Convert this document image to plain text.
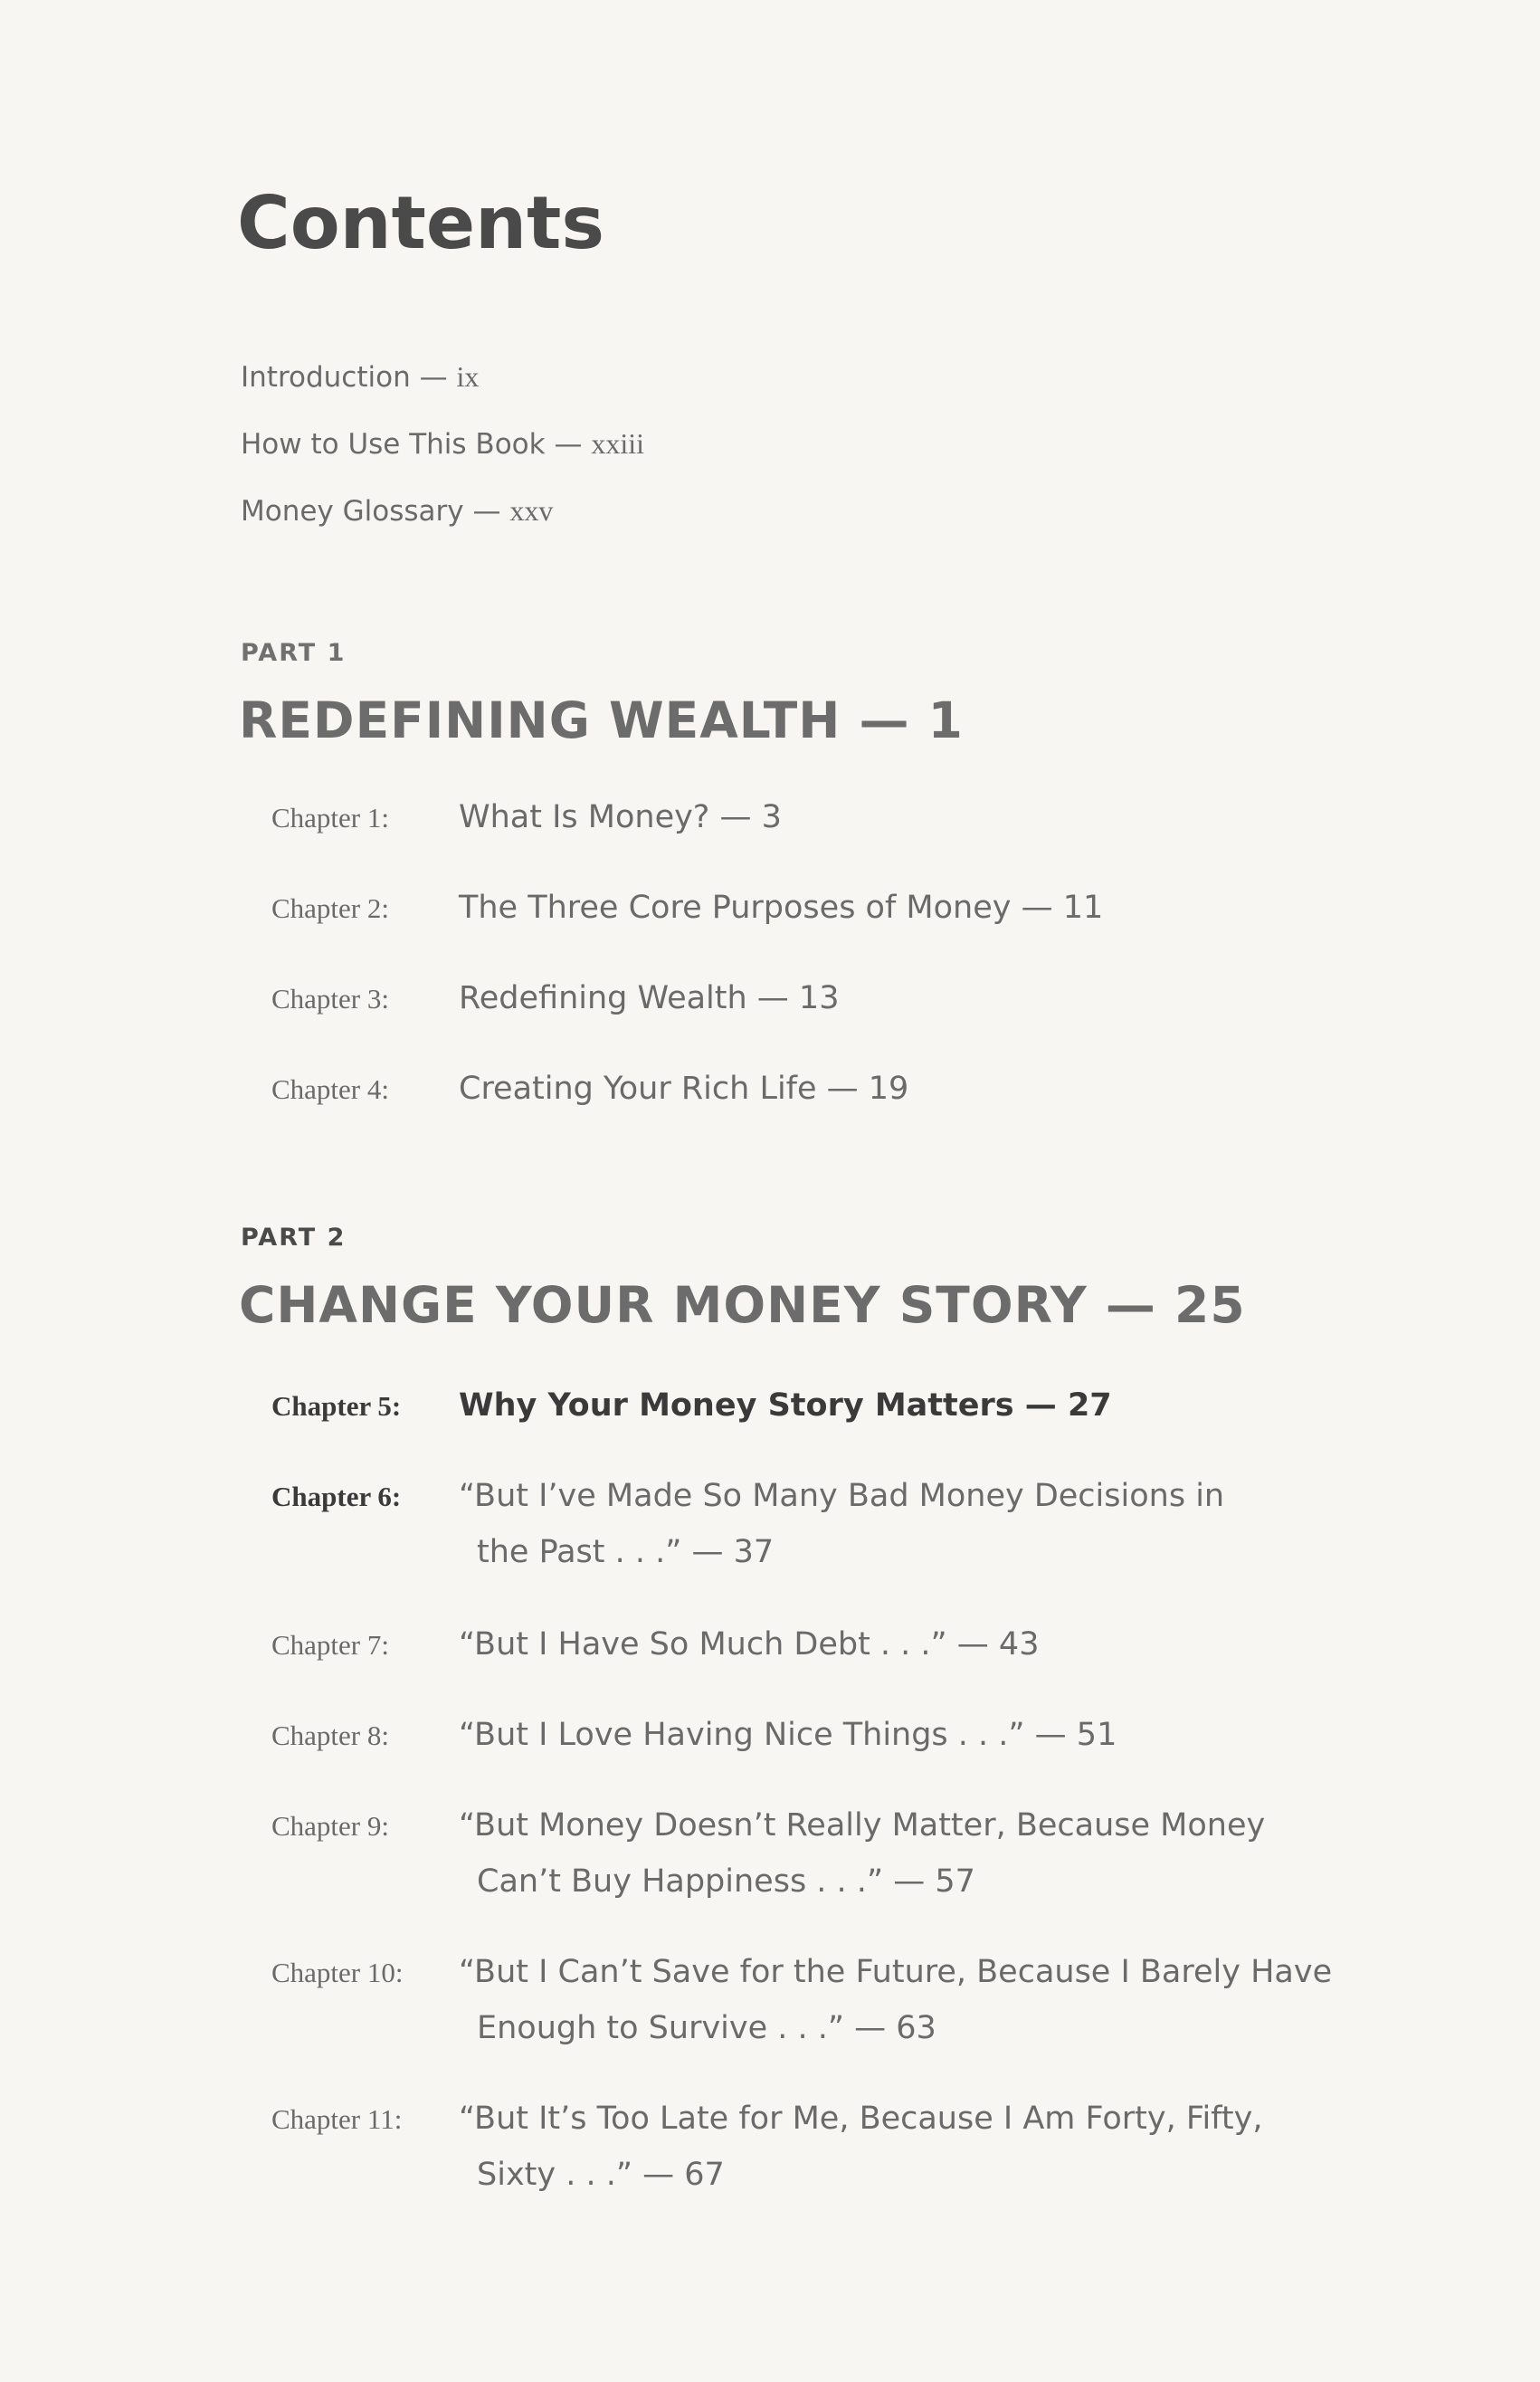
Contents
Introduction — ix
How to Use This Book — xxiii
Money Glossary — xxv
PART 1
REDEFINING WEALTH — 1
Chapter 1: What Is Money? — 3
Chapter 2: The Three Core Purposes of Money — 11
Chapter 3: Redefining Wealth — 13
Chapter 4: Creating Your Rich Life — 19
PART 2
CHANGE YOUR MONEY STORY — 25
Chapter 5: Why Your Money Story Matters — 27
Chapter 6: “But I’ve Made So Many Bad Money Decisions in
the Past . . .” — 37
Chapter 7: “But I Have So Much Debt . . .” — 43
Chapter 8: “But I Love Having Nice Things . . .” — 51
Chapter 9: “But Money Doesn’t Really Matter, Because Money
Can’t Buy Happiness . . .” — 57
Chapter 10: “But I Can’t Save for the Future, Because I Barely Have
Enough to Survive . . .” — 63
Chapter 11: “But It’s Too Late for Me, Because I Am Forty, Fifty,
Sixty . . .” — 67
